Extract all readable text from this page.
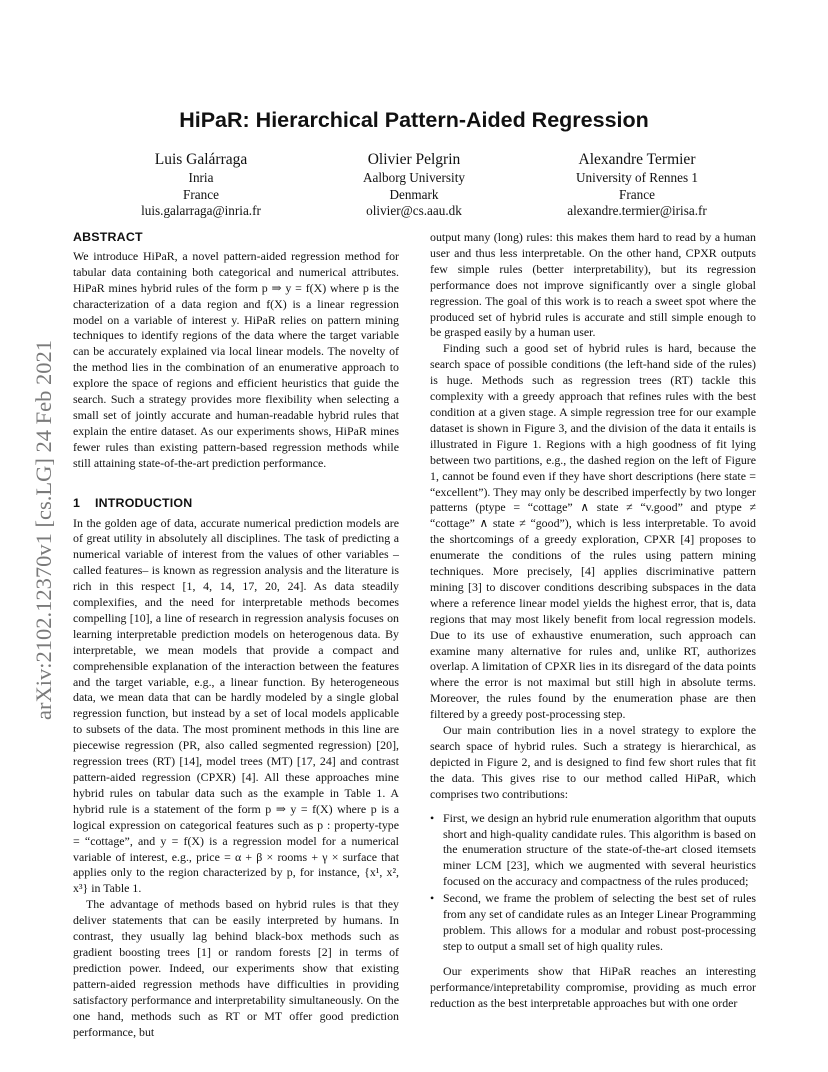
arXiv:2102.12370v1 [cs.LG] 24 Feb 2021
HiPaR: Hierarchical Pattern-Aided Regression
Luis Galárraga
Inria
France
luis.galarraga@inria.fr
Olivier Pelgrin
Aalborg University
Denmark
olivier@cs.aau.dk
Alexandre Termier
University of Rennes 1
France
alexandre.termier@irisa.fr
ABSTRACT

We introduce HiPaR, a novel pattern-aided regression method for tabular data containing both categorical and numerical attributes. HiPaR mines hybrid rules of the form p ⇒ y = f(X) where p is the characterization of a data region and f(X) is a linear regression model on a variable of interest y. HiPaR relies on pattern mining techniques to identify regions of the data where the target variable can be accurately explained via local linear models. The novelty of the method lies in the combination of an enumerative approach to explore the space of regions and efficient heuristics that guide the search. Such a strategy provides more flexibility when selecting a small set of jointly accurate and human-readable hybrid rules that explain the entire dataset. As our experiments shows, HiPaR mines fewer rules than existing pattern-based regression methods while still attaining state-of-the-art prediction performance.

1 INTRODUCTION

In the golden age of data, accurate numerical prediction models are of great utility in absolutely all disciplines. The task of predicting a numerical variable of interest from the values of other variables –called features– is known as regression analysis and the literature is rich in this respect [1, 4, 14, 17, 20, 24]. As data steadily complexifies, and the need for interpretable methods becomes compelling [10], a line of research in regression analysis focuses on learning interpretable prediction models on heterogenous data. By interpretable, we mean models that provide a compact and comprehensible explanation of the interaction between the features and the target variable, e.g., a linear function. By heterogeneous data, we mean data that can be hardly modeled by a single global regression function, but instead by a set of local models applicable to subsets of the data. The most prominent methods in this line are piecewise regression (PR, also called segmented regression) [20], regression trees (RT) [14], model trees (MT) [17, 24] and contrast pattern-aided regression (CPXR) [4]. All these approaches mine hybrid rules on tabular data such as the example in Table 1. A hybrid rule is a statement of the form p ⇒ y = f(X) where p is a logical expression on categorical features such as p : property-type = “cottage”, and y = f(X) is a regression model for a numerical variable of interest, e.g., price = α + β × rooms + γ × surface that applies only to the region characterized by p, for instance, {x¹, x², x³} in Table 1.

The advantage of methods based on hybrid rules is that they deliver statements that can be easily interpreted by humans. In contrast, they usually lag behind black-box methods such as gradient boosting trees [1] or random forests [2] in terms of prediction power. Indeed, our experiments show that existing pattern-aided regression methods have difficulties in providing satisfactory performance and interpretability simultaneously. On the one hand, methods such as RT or MT offer good prediction performance, but

output many (long) rules: this makes them hard to read by a human user and thus less interpretable. On the other hand, CPXR outputs few simple rules (better interpretability), but its regression performance does not improve significantly over a single global regression. The goal of this work is to reach a sweet spot where the produced set of hybrid rules is accurate and still simple enough to be grasped easily by a human user.

Finding such a good set of hybrid rules is hard, because the search space of possible conditions (the left-hand side of the rules) is huge. Methods such as regression trees (RT) tackle this complexity with a greedy approach that refines rules with the best condition at a given stage. A simple regression tree for our example dataset is shown in Figure 3, and the division of the data it entails is illustrated in Figure 1. Regions with a high goodness of fit lying between two partitions, e.g., the dashed region on the left of Figure 1, cannot be found even if they have short descriptions (here state = “excellent”). They may only be described imperfectly by two longer patterns (ptype = “cottage” ∧ state ≠ “v.good” and ptype ≠ “cottage” ∧ state ≠ “good”), which is less interpretable. To avoid the shortcomings of a greedy exploration, CPXR [4] proposes to enumerate the conditions of the rules using pattern mining techniques. More precisely, [4] applies discriminative pattern mining [3] to discover conditions describing subspaces in the data where a reference linear model yields the highest error, that is, data regions that may most likely benefit from local regression models. Due to its use of exhaustive enumeration, such approach can examine many alternative for rules and, unlike RT, authorizes overlap. A limitation of CPXR lies in its disregard of the data points where the error is not maximal but still high in absolute terms. Moreover, the rules found by the enumeration phase are then filtered by a greedy post-processing step.

Our main contribution lies in a novel strategy to explore the search space of hybrid rules. Such a strategy is hierarchical, as depicted in Figure 2, and is designed to find few short rules that fit the data. This gives rise to our method called HiPaR, which comprises two contributions:

• First, we design an hybrid rule enumeration algorithm that ouputs short and high-quality candidate rules. This algorithm is based on the enumeration structure of the state-of-the-art closed itemsets miner LCM [23], which we augmented with several heuristics focused on the accuracy and compactness of the rules produced;
• Second, we frame the problem of selecting the best set of rules from any set of candidate rules as an Integer Linear Programming problem. This allows for a modular and robust post-processing step to output a small set of high quality rules.

Our experiments show that HiPaR reaches an interesting performance/intepretability compromise, providing as much error reduction as the best interpretable approaches but with one order
